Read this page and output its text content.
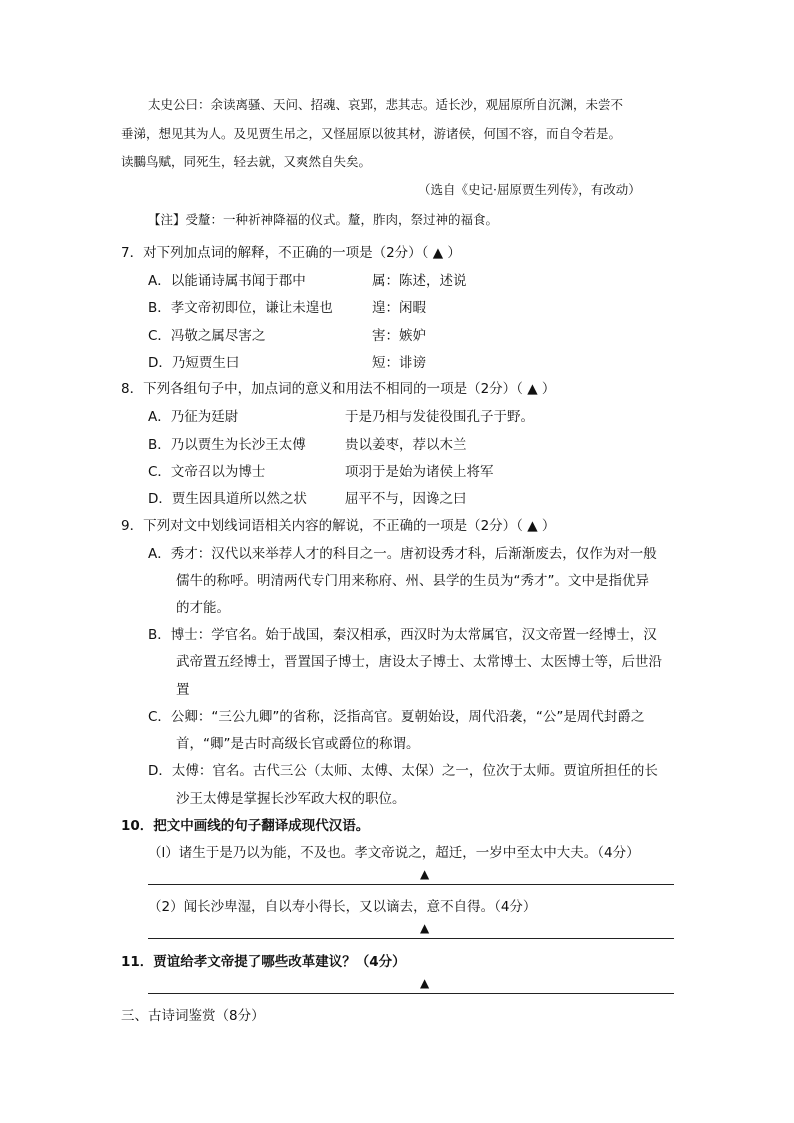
太史公曰：余读离骚、天问、招魂、哀郢，悲其志。适长沙，观屈原所自沉渊，未尝不
垂涕，想见其为人。及见贾生吊之，又怪屈原以彼其材，游诸侯，何国不容，而自令若是。
读鵩鸟赋，同死生，轻去就，又爽然自失矣。
（选自《史记·屈原贾生列传》，有改动）
【注】受釐：一种祈神降福的仪式。釐，胙肉，祭过神的福食。
7．对下列加点词的解释，不正确的一项是（2分）（ ▲ ）
A．以能诵诗属书闻于郡中	属：陈述，述说
B．孝文帝初即位，谦让未遑也	遑：闲暇
C．冯敬之属尽害之	害：嫉妒
D．乃短贾生曰	短：诽谤
8．下列各组句子中，加点词的意义和用法不相同的一项是（2分）（ ▲ ）
A．乃征为廷尉	于是乃相与发徒役围孔子于野。
B．乃以贾生为长沙王太傅	贵以姜枣，荐以木兰
C．文帝召以为博士	项羽于是始为诸侯上将军
D．贾生因具道所以然之状	屈平不与，因谗之曰
9．下列对文中划线词语相关内容的解说，不正确的一项是（2分）（ ▲ ）
A．秀才：汉代以来举荐人才的科目之一。唐初设秀才科，后渐渐废去，仅作为对一般
儒牛的称呼。明清两代专门用来称府、州、县学的生员为“秀才”。文中是指优异
的才能。
B．博士：学官名。始于战国，秦汉相承，西汉时为太常属官，汉文帝置一经博士，汉
武帝置五经博士，晋置国子博士，唐设太子博士、太常博士、太医博士等，后世沿
置
C．公卿：“三公九卿”的省称，泛指高官。夏朝始设，周代沿袭，“公”是周代封爵之
首，“卿”是古时高级长官或爵位的称谓。
D．太傅：官名。古代三公（太师、太傅、太保）之一，位次于太师。贾谊所担任的长
沙王太傅是掌握长沙军政大权的职位。
10．把文中画线的句子翻译成现代汉语。
（l）诸生于是乃以为能，不及也。孝文帝说之，超迁，一岁中至太中大夫。（4分）
▲
（2）闻长沙卑湿，自以寿小得长，又以谪去，意不自得。（4分）
▲
11．贾谊给孝文帝提了哪些改革建议？（4分）
▲
三、古诗词鉴赏（8分）
